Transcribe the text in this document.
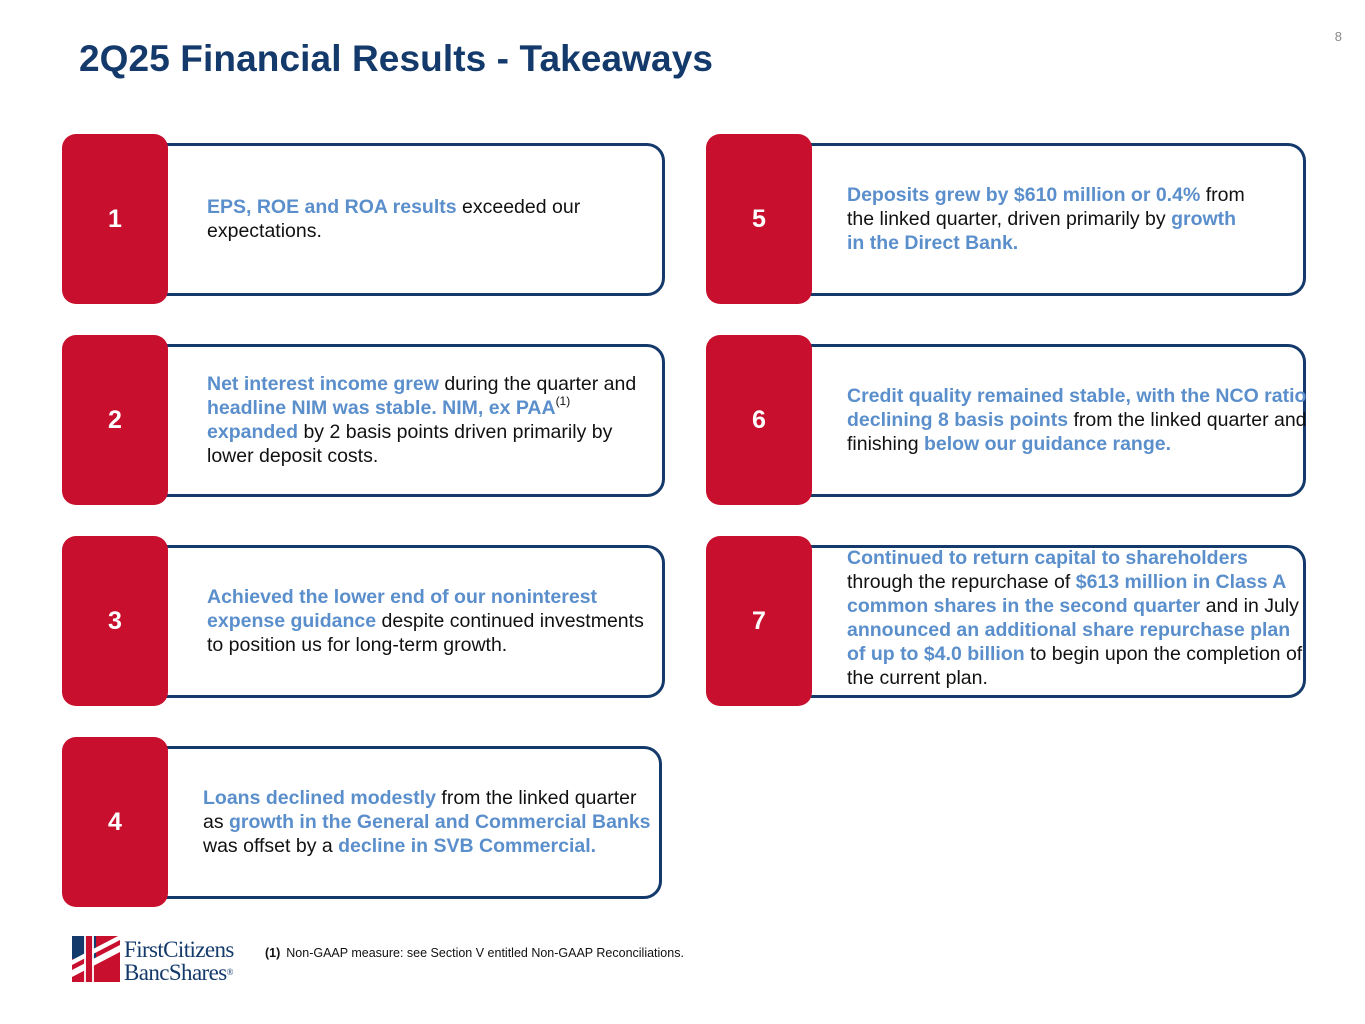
8
2Q25 Financial Results - Takeaways
1	EPS, ROE and ROA results exceeded our expectations.

2

Net interest income grew during the quarter and headline NIM was stable. NIM, ex PAA$^{(1)}$ expanded by 2 basis points driven primarily by lower deposit costs.

3

Achieved the lower end of our noninterest expense guidance despite continued investments to position us for long-term growth.

4

Loans declined modestly from the linked quarter as growth in the General and Commercial Banks was offset by a decline in SVB Commercial.

5

Deposits grew by $610 million or 0.4% from the linked quarter, driven primarily by growth in the Direct Bank.

6

Credit quality remained stable, with the NCO ratio declining 8 basis points from the linked quarter and finishing below our guidance range.

7

Continued to return capital to shareholders through the repurchase of $613 million in Class A common shares in the second quarter and in July announced an additional share repurchase plan of up to $4.0 billion to begin upon the completion of the current plan.

FirstCitizens
BancShares®
(1) Non-GAAP measure: see Section V entitled Non-GAAP Reconciliations.
